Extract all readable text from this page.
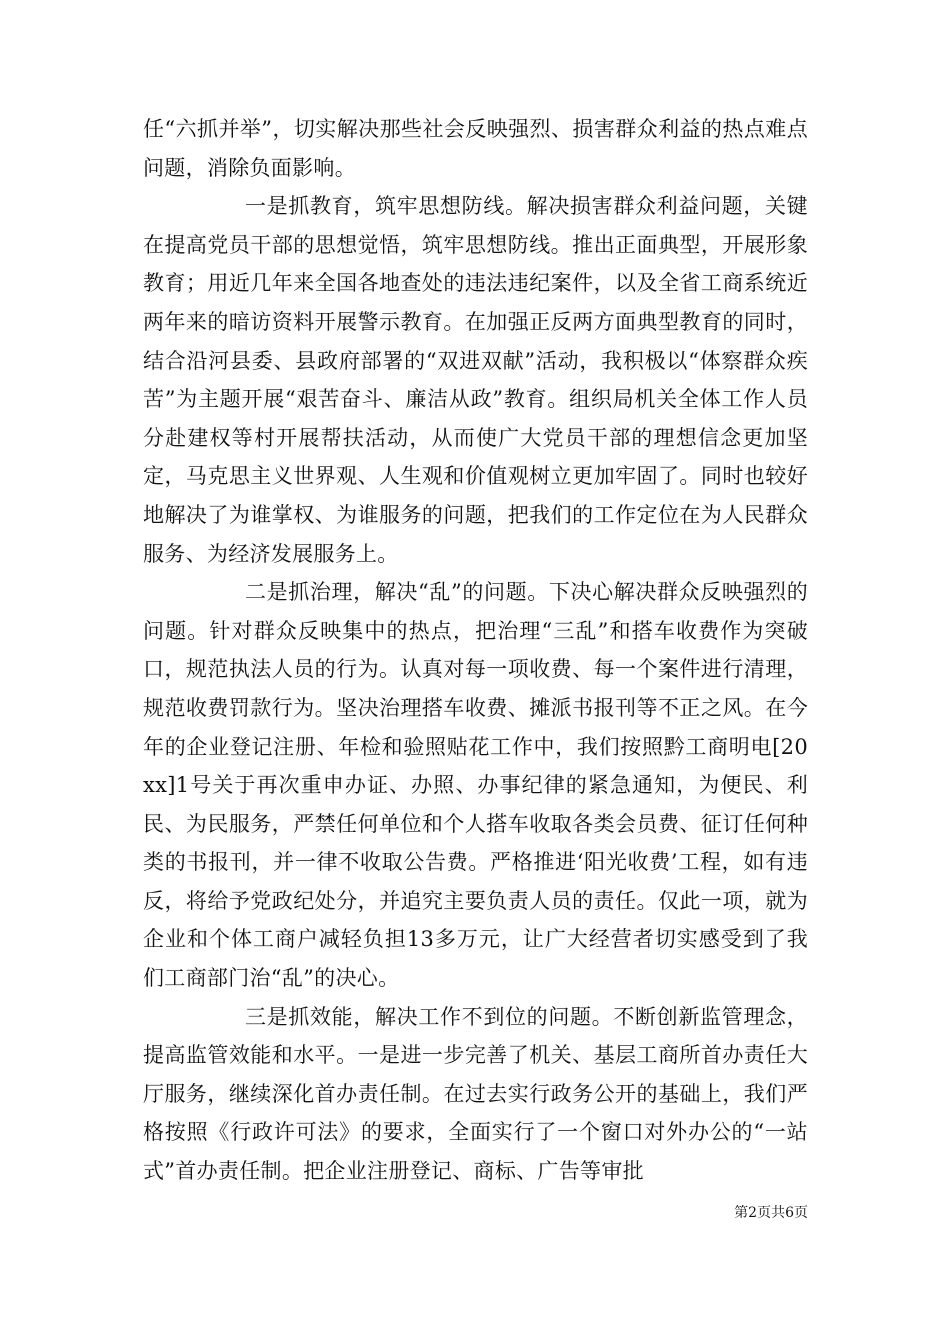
任“六抓并举”，切实解决那些社会反映强烈、损害群众利益的热点难点问题，消除负面影响。

一是抓教育，筑牢思想防线。解决损害群众利益问题，关键在提高党员干部的思想觉悟，筑牢思想防线。推出正面典型，开展形象教育；用近几年来全国各地查处的违法违纪案件，以及全省工商系统近两年来的暗访资料开展警示教育。在加强正反两方面典型教育的同时，结合沿河县委、县政府部署的“双进双献”活动，我积极以“体察群众疾苦”为主题开展“艰苦奋斗、廉洁从政”教育。组织局机关全体工作人员分赴建权等村开展帮扶活动，从而使广大党员干部的理想信念更加坚定，马克思主义世界观、人生观和价值观树立更加牢固了。同时也较好地解决了为谁掌权、为谁服务的问题，把我们的工作定位在为人民群众服务、为经济发展服务上。

二是抓治理，解决“乱”的问题。下决心解决群众反映强烈的问题。针对群众反映集中的热点，把治理“三乱”和搭车收费作为突破口，规范执法人员的行为。认真对每一项收费、每一个案件进行清理，规范收费罚款行为。坚决治理搭车收费、摊派书报刊等不正之风。在今年的企业登记注册、年检和验照贴花工作中，我们按照黔工商明电[20xx]1号关于再次重申办证、办照、办事纪律的紧急通知，为便民、利民、为民服务，严禁任何单位和个人搭车收取各类会员费、征订任何种类的书报刊，并一律不收取公告费。严格推进‘阳光收费’工程，如有违反，将给予党政纪处分，并追究主要负责人员的责任。仅此一项，就为企业和个体工商户减轻负担13多万元，让广大经营者切实感受到了我们工商部门治“乱”的决心。

三是抓效能，解决工作不到位的问题。不断创新监管理念，提高监管效能和水平。一是进一步完善了机关、基层工商所首办责任大厅服务，继续深化首办责任制。在过去实行政务公开的基础上，我们严格按照《行政许可法》的要求，全面实行了一个窗口对外办公的“一站式”首办责任制。把企业注册登记、商标、广告等审批

第2页共6页
